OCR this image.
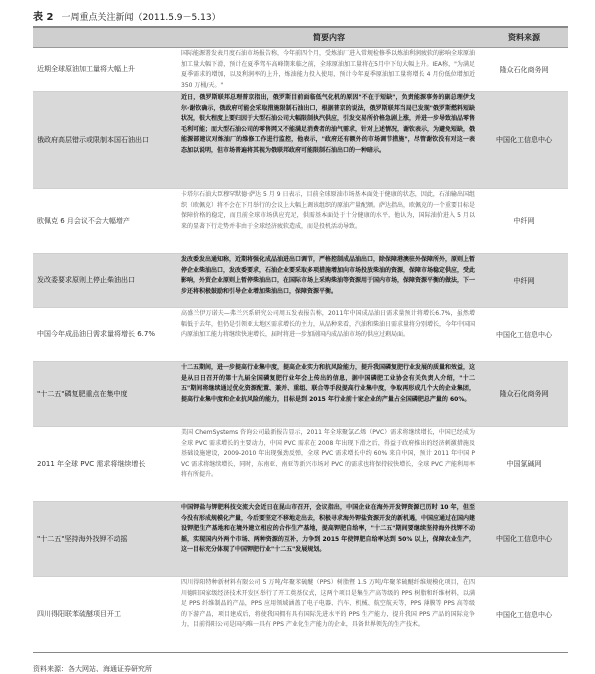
表 2 一周重点关注新闻（2011.5.9－5.13）
简要内容	资料来源
近期全球原油加工量将大幅上升

国际能源署发表月度石油市场报告称，今年前四个月，受炼油厂进入常规检修季以炼油利润疲软的影响全球原油加工量大幅下滑，预计在夏季驾车高峰期来临之前，全球原油加工量将在5月中下旬大幅上升。IEA称，"为满足夏季需求的增加，以及利润率的上升，炼油能力投入使用，预计今年夏季原油加工量将增长 4 月份低位增加近 350 万桶/天。"

隆众石化商务网
俄政府高层错示或限制本国石油出口

近日，俄罗斯联邦总理普京指出，俄罗斯目前面临低气化机的原因"不在于短缺"，负责能源事务的副总理伊戈尔·谢钦确示，俄政府可能会采取措施限制石油出口，根据普京的说法，俄罗斯联邦当局已发现"俄罗斯燃料短缺状况，很大程度上要归因于大型石油公司大幅限制执汽供应，引发交易所价格急剧上涨，并进一步导致油品零售毛利可能；而大型石油公司的零售网又不能满足消费者的油气需求，针对上述情况，谢钦表示，为避免短缺，俄能源部建议对炼油厂的维修工作进行监控，他表示，"政府还有额外的市场调节措施"，尽管谢钦没有对这一表态加以说明，但市场普遍将其视为俄联邦政府可能限制石油出口的一种暗示。

中国化工信息中心
欧佩克 6 月会议不会大幅增产

卡塔尔石油大臣穆罕默德·萨达 5 月 9 日表示，目前全球原油市场基本面处于健康的状态，因此，石油输出国组织（欧佩克）将不会在下月举行的会议上大幅上调该组织的原油产量配额。萨达指出，欧佩克的一个重要目标是保障价格的稳定，而且前全球市场供应充足，供需基本面处于十分健康的水平，他认为，国际油价进入 5 月以来的显著下行走势并非由于全球经济疲软造成，而是投机活动导致。

中纤网
发改委要求原则上停止柴油出口

发改委发出通知称，近期将强化成品油进出口调节，严格控制成品油出口，除保障港澳驻外保障所外，原则上暂停企业柴油出口，发改委要求，石油企业要采取多项措施增加向市场投放柴油的资源，保障市场稳定供应，受此影响，外贸企业原则上暂停柴油出口，在国际市场上采购柴油等资源用于国内市场，保障资源平衡的做法，下一步还将积极鼓励和引导企业增加柴油出口，保障资源平衡。

中纤网
中国今年成品油日需求量将增长 6.7%

高盛兰伊万诺夫—弗兰兴系研究公司周五发表报告称，2011年中国成品油日需求量预计将增长6.7%，虽然增幅低于去年，但仍是引领亚太地区需求增长的主力，从品种来看，汽油和柴油日需求量将分别增长，今年中国国内原油加工能力将继续快速增长，届时将进一步加剧国内成品油市场的供应过剩局面。	中国化工信息中心
"十二五"磷复肥重点在集中度

十二五期间，进一步提高行业集中度，提高企业实力和抗风险能力，提升我国磷复肥行业发展的质量和效益，这是从日日召开的第十九届全国磷复肥行业年会上传出的信息，据中国磷肥工业协会有关负责人介绍，"十二五"期间将继续通过优化资源配置、兼并、重组、联合等手段提高行业集中度，争取再形成几个大的企业集团，提高行业集中度和企业抗风险的能力，目标是到 2015 年行业前十家企业的产量占全国磷肥总产量的 60%。

隆众石化商务网
2011 年全球 PVC 需求将继续增长

美国 ChemSystems 咨询公司最新报告显示，2011 年全球聚氯乙烯（PVC）需求将继续增长，中国已经成为全球 PVC 需求增长的主要动力，中国 PVC 需求在 2008 年出现下滑之后，得益于政府推出的经济刺激措施及基础设施建设，2009-2010 年出现强劲反弹，全球 PVC 需求增长中约 60% 来自中国，预计 2011 年中国 PVC 需求将继续增长，同时，东南亚、南亚等新兴市场对 PVC 的需求也将保持较快增长，全球 PVC 产能利用率将有所提升。

中国氯碱网
"十二五"坚持海外找钾不动摇

中国钾盐与钾肥科技交流大会近日在昆山市召开，会议指出，中国企业在海外开发钾资源已历时 10 年，但至今没有形成规模化产量，今后要坚定不移地走出去，积极寻求海外钾盐资源开发的新机遇，中国应通过在国内建设钾肥生产基地和在境外建立相应的合作生产基地，提高钾肥自给率，"十二五"期间要继续坚持海外找钾不动摇，实现国内外两个市场、两种资源的互补，力争到 2015 年使钾肥自给率达到 50% 以上，保障农业生产，这一目标充分体现了中国钾肥行业"十二五"发展规划。

中国化工信息中心
四川得阳联苯硫醚项目开工

四川得阳特种新材料有限公司 5 万吨/年聚苯硫醚（PPS）树脂暨 1.5 万吨/年聚苯硫醚纤维规模化项目，在四川德阳国家级经济技术开发区举行了开工奠基仪式，这两个项目是集生产高等级的 PPS 树脂和纤维材料，以满足 PPS 纤维制品的产品，PPS 应用领域涵盖了电子电器、汽车、机械、航空航天等，PPS 薄膜等 PPS 高等级的下游产品，项目建成后，将使我国拥有具有国际先进水平的 PPS 生产能力，提升我国 PPS 产品的国际竞争力，目前得阳公司是国内唯一具有 PPS 产业化生产能力的企业，具备世界领先的生产技术。

中国化工信息中心
资料来源：各大网站、海通证券研究所
